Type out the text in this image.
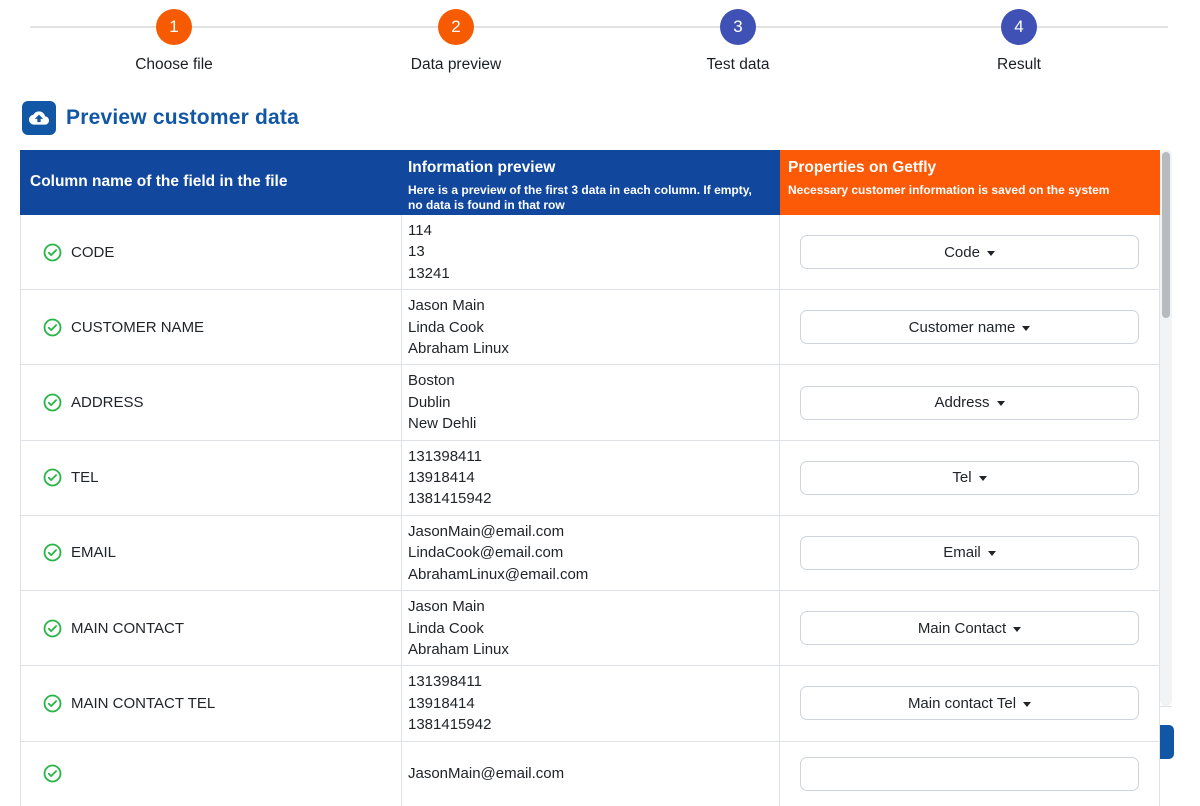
1
Choose file
2
Data preview
3
Test data
4
Result
Preview customer data
Column name of the field in the file
Information preview
Here is a preview of the first 3 data in each column. If empty, no data is found in that row
Properties on Getfly
Necessary customer information is saved on the system
CODE
114
13
13241
Code
CUSTOMER NAME
Jason Main
Linda Cook
Abraham Linux
Customer name
ADDRESS
Boston
Dublin
New Dehli
Address
TEL
131398411
13918414
1381415942
Tel
EMAIL
JasonMain@email.com
LindaCook@email.com
AbrahamLinux@email.com
Email
MAIN CONTACT
Jason Main
Linda Cook
Abraham Linux
Main Contact
MAIN CONTACT TEL
131398411
13918414
1381415942
Main contact Tel
JasonMain@email.com
